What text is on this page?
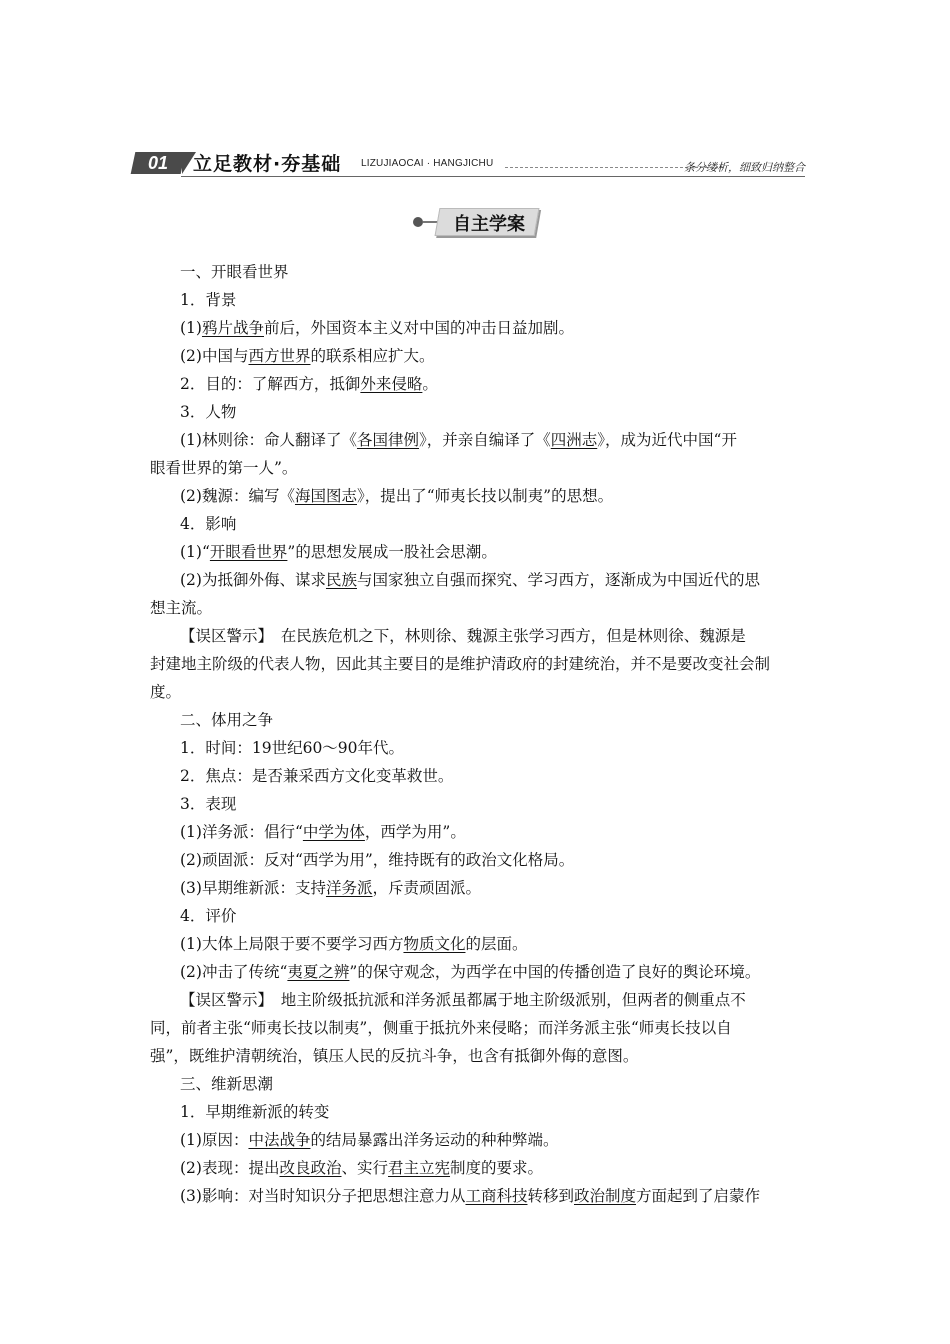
01	立足教材·夯基础 LIZUJIAOCAI · HANGJICHU	条分缕析，细致归纳整合
自主学案
一、开眼看世界
1．背景
(1)鸦片战争前后，外国资本主义对中国的冲击日益加剧。
(2)中国与西方世界的联系相应扩大。
2．目的：了解西方，抵御外来侵略。
3．人物
(1)林则徐：命人翻译了《各国律例》，并亲自编译了《四洲志》，成为近代中国“开
眼看世界的第一人”。
(2)魏源：编写《海国图志》，提出了“师夷长技以制夷”的思想。
4．影响
(1)“开眼看世界”的思想发展成一股社会思潮。
(2)为抵御外侮、谋求民族与国家独立自强而探究、学习西方，逐渐成为中国近代的思
想主流。
【误区警示】　在民族危机之下，林则徐、魏源主张学习西方，但是林则徐、魏源是
封建地主阶级的代表人物，因此其主要目的是维护清政府的封建统治，并不是要改变社会制
度。
二、体用之争
1．时间：19世纪60～90年代。
2．焦点：是否兼采西方文化变革救世。
3．表现
(1)洋务派：倡行“中学为体，西学为用”。
(2)顽固派：反对“西学为用”，维持既有的政治文化格局。
(3)早期维新派：支持洋务派，斥责顽固派。
4．评价
(1)大体上局限于要不要学习西方物质文化的层面。
(2)冲击了传统“夷夏之辨”的保守观念，为西学在中国的传播创造了良好的舆论环境。
【误区警示】　地主阶级抵抗派和洋务派虽都属于地主阶级派别，但两者的侧重点不
同，前者主张“师夷长技以制夷”，侧重于抵抗外来侵略；而洋务派主张“师夷长技以自
强”，既维护清朝统治，镇压人民的反抗斗争，也含有抵御外侮的意图。
三、维新思潮
1．早期维新派的转变
(1)原因：中法战争的结局暴露出洋务运动的种种弊端。
(2)表现：提出改良政治、实行君主立宪制度的要求。
(3)影响：对当时知识分子把思想注意力从工商科技转移到政治制度方面起到了启蒙作
